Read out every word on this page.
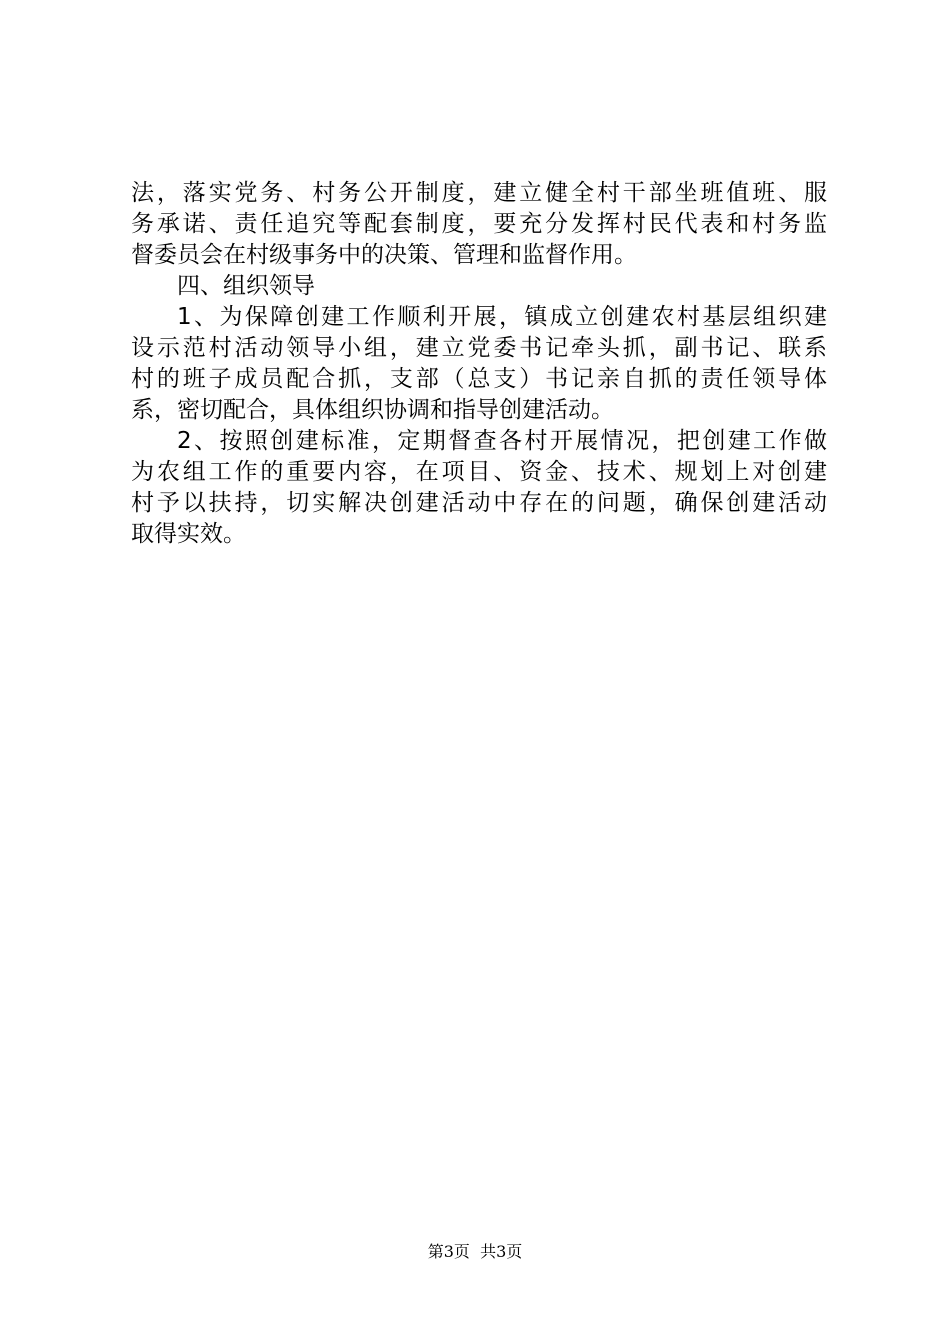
法，落实党务、村务公开制度，建立健全村干部坐班值班、服
务承诺、责任追究等配套制度，要充分发挥村民代表和村务监
督委员会在村级事务中的决策、管理和监督作用。
四、组织领导
1、为保障创建工作顺利开展，镇成立创建农村基层组织建
设示范村活动领导小组，建立党委书记牵头抓，副书记、联系
村的班子成员配合抓，支部（总支）书记亲自抓的责任领导体
系，密切配合，具体组织协调和指导创建活动。
2、按照创建标准，定期督查各村开展情况，把创建工作做
为农组工作的重要内容，在项目、资金、技术、规划上对创建
村予以扶持，切实解决创建活动中存在的问题，确保创建活动
取得实效。
第3页  共3页
